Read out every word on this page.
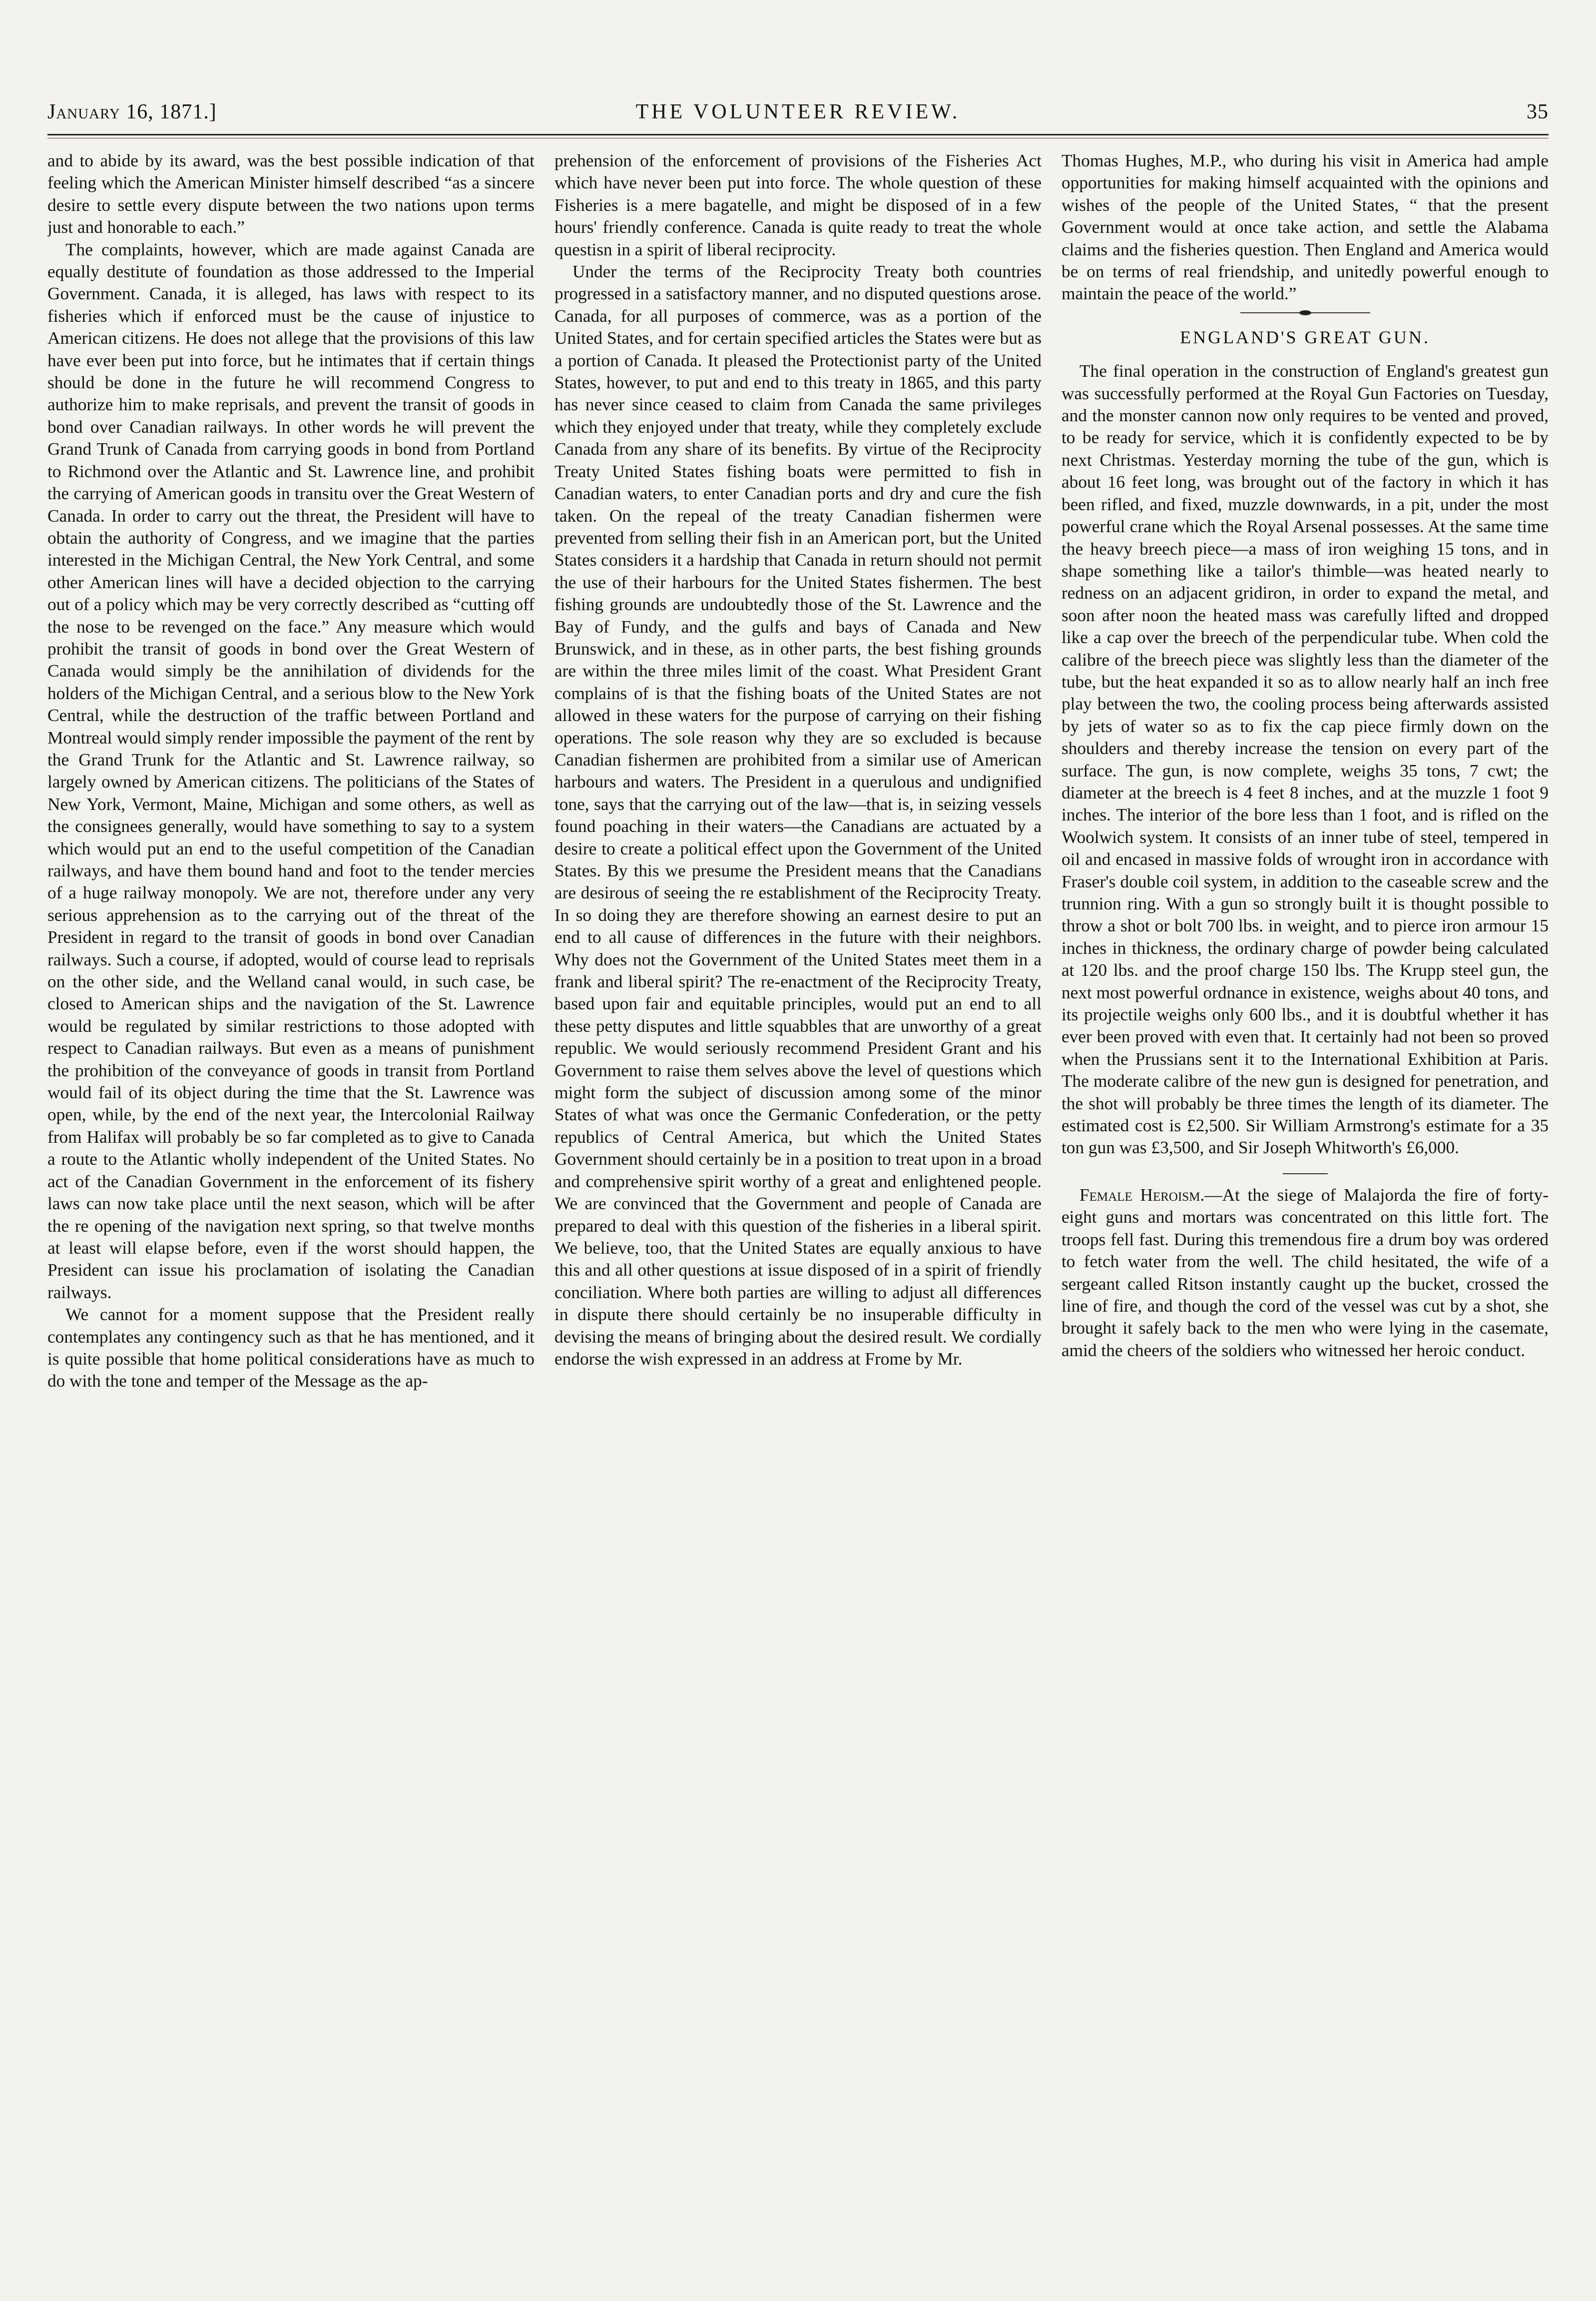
January 16, 1871.]	THE VOLUNTEER REVIEW.	35

and to abide by its award, was the best possible indication of that feeling which the American Minister himself described “as a sincere desire to settle every dispute between the two nations upon terms just and honorable to each.”

The complaints, however, which are made against Canada are equally destitute of foundation as those addressed to the Imperial Government. Canada, it is alleged, has laws with respect to its fisheries which if enforced must be the cause of injustice to American citizens. He does not allege that the provisions of this law have ever been put into force, but he intimates that if certain things should be done in the future he will recommend Congress to authorize him to make reprisals, and prevent the transit of goods in bond over Canadian railways. In other words he will prevent the Grand Trunk of Canada from carrying goods in bond from Portland to Richmond over the Atlantic and St. Lawrence line, and prohibit the carrying of American goods in transitu over the Great Western of Canada. In order to carry out the threat, the President will have to obtain the authority of Congress, and we imagine that the parties interested in the Michigan Central, the New York Central, and some other American lines will have a decided objection to the carrying out of a policy which may be very correctly described as “cutting off the nose to be revenged on the face.” Any measure which would prohibit the transit of goods in bond over the Great Western of Canada would simply be the annihilation of dividends for the holders of the Michigan Central, and a serious blow to the New York Central, while the destruction of the traffic between Portland and Montreal would simply render impossible the payment of the rent by the Grand Trunk for the Atlantic and St. Lawrence railway, so largely owned by American citizens. The politicians of the States of New York, Vermont, Maine, Michigan and some others, as well as the consignees generally, would have something to say to a system which would put an end to the useful competition of the Canadian railways, and have them bound hand and foot to the tender mercies of a huge railway monopoly. We are not, therefore under any very serious apprehension as to the carrying out of the threat of the President in regard to the transit of goods in bond over Canadian railways. Such a course, if adopted, would of course lead to reprisals on the other side, and the Welland canal would, in such case, be closed to American ships and the navigation of the St. Lawrence would be regulated by similar restrictions to those adopted with respect to Canadian railways. But even as a means of punishment the prohibition of the conveyance of goods in transit from Portland would fail of its object during the time that the St. Lawrence was open, while, by the end of the next year, the Intercolonial Railway from Halifax will probably be so far completed as to give to Canada a route to the Atlantic wholly independent of the United States. No act of the Canadian Government in the enforcement of its fishery laws can now take place until the next season, which will be after the re opening of the navigation next spring, so that twelve months at least will elapse before, even if the worst should happen, the President can issue his proclamation of isolating the Canadian railways.

We cannot for a moment suppose that the President really contemplates any contingency such as that he has mentioned, and it is quite possible that home political considerations have as much to do with the tone and temper of the Message as the ap-

prehension of the enforcement of provisions of the Fisheries Act which have never been put into force. The whole question of these Fisheries is a mere bagatelle, and might be disposed of in a few hours' friendly conference. Canada is quite ready to treat the whole questisn in a spirit of liberal reciprocity.

Under the terms of the Reciprocity Treaty both countries progressed in a satisfactory manner, and no disputed questions arose. Canada, for all purposes of commerce, was as a portion of the United States, and for certain specified articles the States were but as a portion of Canada. It pleased the Protectionist party of the United States, however, to put and end to this treaty in 1865, and this party has never since ceased to claim from Canada the same privileges which they enjoyed under that treaty, while they completely exclude Canada from any share of its benefits. By virtue of the Reciprocity Treaty United States fishing boats were permitted to fish in Canadian waters, to enter Canadian ports and dry and cure the fish taken. On the repeal of the treaty Canadian fishermen were prevented from selling their fish in an American port, but the United States considers it a hardship that Canada in return should not permit the use of their harbours for the United States fishermen. The best fishing grounds are undoubtedly those of the St. Lawrence and the Bay of Fundy, and the gulfs and bays of Canada and New Brunswick, and in these, as in other parts, the best fishing grounds are within the three miles limit of the coast. What President Grant complains of is that the fishing boats of the United States are not allowed in these waters for the purpose of carrying on their fishing operations. The sole reason why they are so excluded is because Canadian fishermen are prohibited from a similar use of American harbours and waters. The President in a querulous and undignified tone, says that the carrying out of the law—that is, in seizing vessels found poaching in their waters—the Canadians are actuated by a desire to create a political effect upon the Government of the United States. By this we presume the President means that the Canadians are desirous of seeing the re establishment of the Reciprocity Treaty. In so doing they are therefore showing an earnest desire to put an end to all cause of differences in the future with their neighbors. Why does not the Government of the United States meet them in a frank and liberal spirit? The re-enactment of the Reciprocity Treaty, based upon fair and equitable principles, would put an end to all these petty disputes and little squabbles that are unworthy of a great republic. We would seriously recommend President Grant and his Government to raise them selves above the level of questions which might form the subject of discussion among some of the minor States of what was once the Germanic Confederation, or the petty republics of Central America, but which the United States Government should certainly be in a position to treat upon in a broad and comprehensive spirit worthy of a great and enlightened people. We are convinced that the Government and people of Canada are prepared to deal with this question of the fisheries in a liberal spirit. We believe, too, that the United States are equally anxious to have this and all other questions at issue disposed of in a spirit of friendly conciliation. Where both parties are willing to adjust all differences in dispute there should certainly be no insuperable difficulty in devising the means of bringing about the desired result. We cordially endorse the wish expressed in an address at Frome by Mr.

Thomas Hughes, M.P., who during his visit in America had ample opportunities for making himself acquainted with the opinions and wishes of the people of the United States, “ that the present Government would at once take action, and settle the Alabama claims and the fisheries question. Then England and America would be on terms of real friendship, and unitedly powerful enough to maintain the peace of the world.”

ENGLAND'S GREAT GUN.

The final operation in the construction of England's greatest gun was successfully performed at the Royal Gun Factories on Tuesday, and the monster cannon now only requires to be vented and proved, to be ready for service, which it is confidently expected to be by next Christmas. Yesterday morning the tube of the gun, which is about 16 feet long, was brought out of the factory in which it has been rifled, and fixed, muzzle downwards, in a pit, under the most powerful crane which the Royal Arsenal possesses. At the same time the heavy breech piece—a mass of iron weighing 15 tons, and in shape something like a tailor's thimble—was heated nearly to redness on an adjacent gridiron, in order to expand the metal, and soon after noon the heated mass was carefully lifted and dropped like a cap over the breech of the perpendicular tube. When cold the calibre of the breech piece was slightly less than the diameter of the tube, but the heat expanded it so as to allow nearly half an inch free play between the two, the cooling process being afterwards assisted by jets of water so as to fix the cap piece firmly down on the shoulders and thereby increase the tension on every part of the surface. The gun, is now complete, weighs 35 tons, 7 cwt; the diameter at the breech is 4 feet 8 inches, and at the muzzle 1 foot 9 inches. The interior of the bore less than 1 foot, and is rifled on the Woolwich system. It consists of an inner tube of steel, tempered in oil and encased in massive folds of wrought iron in accordance with Fraser's double coil system, in addition to the caseable screw and the trunnion ring. With a gun so strongly built it is thought possible to throw a shot or bolt 700 lbs. in weight, and to pierce iron armour 15 inches in thickness, the ordinary charge of powder being calculated at 120 lbs. and the proof charge 150 lbs. The Krupp steel gun, the next most powerful ordnance in existence, weighs about 40 tons, and its projectile weighs only 600 lbs., and it is doubtful whether it has ever been proved with even that. It certainly had not been so proved when the Prussians sent it to the International Exhibition at Paris. The moderate calibre of the new gun is designed for penetration, and the shot will probably be three times the length of its diameter. The estimated cost is £2,500. Sir William Armstrong's estimate for a 35 ton gun was £3,500, and Sir Joseph Whitworth's £6,000.

Female Heroism.—At the siege of Malajorda the fire of forty-eight guns and mortars was concentrated on this little fort. The troops fell fast. During this tremendous fire a drum boy was ordered to fetch water from the well. The child hesitated, the wife of a sergeant called Ritson instantly caught up the bucket, crossed the line of fire, and though the cord of the vessel was cut by a shot, she brought it safely back to the men who were lying in the casemate, amid the cheers of the soldiers who witnessed her heroic conduct.
